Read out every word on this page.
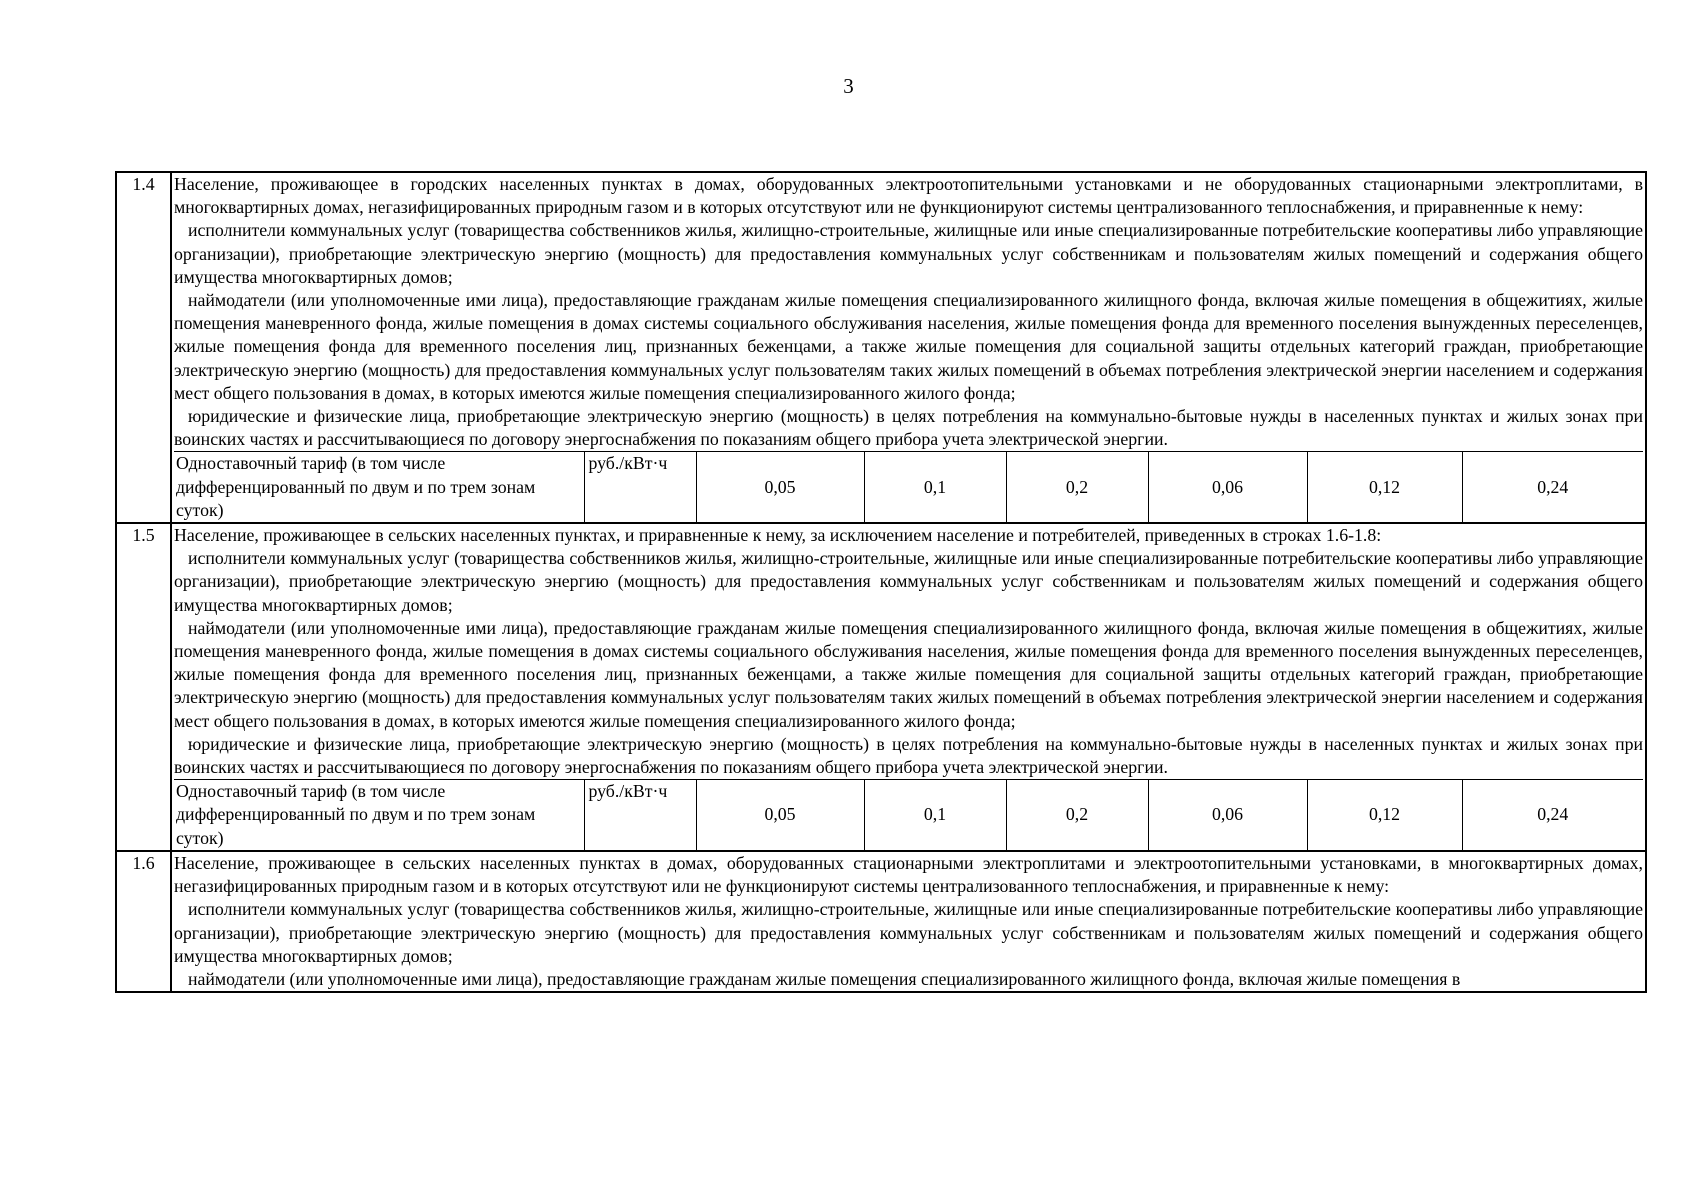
3
1.4	Население, проживающее в городских населенных пунктах в домах, оборудованных электроотопительными установками и не оборудованных стационарными электроплитами, в многоквартирных домах, негазифицированных природным газом и в которых отсутствуют или не функционируют системы централизованного теплоснабжения, и приравненные к нему:

исполнители коммунальных услуг (товарищества собственников жилья, жилищно-строительные, жилищные или иные специализированные потребительские кооперативы либо управляющие организации), приобретающие электрическую энергию (мощность) для предоставления коммунальных услуг собственникам и пользователям жилых помещений и содержания общего имущества многоквартирных домов;

наймодатели (или уполномоченные ими лица), предоставляющие гражданам жилые помещения специализированного жилищного фонда, включая жилые помещения в общежитиях, жилые помещения маневренного фонда, жилые помещения в домах системы социального обслуживания населения, жилые помещения фонда для временного поселения вынужденных переселенцев, жилые помещения фонда для временного поселения лиц, признанных беженцами, а также жилые помещения для социальной защиты отдельных категорий граждан, приобретающие электрическую энергию (мощность) для предоставления коммунальных услуг пользователям таких жилых помещений в объемах потребления электрической энергии населением и содержания мест общего пользования в домах, в которых имеются жилые помещения специализированного жилого фонда;

юридические и физические лица, приобретающие электрическую энергию (мощность) в целях потребления на коммунально-бытовые нужды в населенных пунктах и жилых зонах при воинских частях и рассчитывающиеся по договору энергоснабжения по показаниям общего прибора учета электрической энергии.

Одноставочный тариф (в том числе дифференцированный по двум и по трем зонам суток)	руб./кВт·ч	0,05	0,1	0,2	0,06	0,12	0,24

1.5	Население, проживающее в сельских населенных пунктах, и приравненные к нему, за исключением население и потребителей, приведенных в строках 1.6-1.8:

исполнители коммунальных услуг (товарищества собственников жилья, жилищно-строительные, жилищные или иные специализированные потребительские кооперативы либо управляющие организации), приобретающие электрическую энергию (мощность) для предоставления коммунальных услуг собственникам и пользователям жилых помещений и содержания общего имущества многоквартирных домов;

наймодатели (или уполномоченные ими лица), предоставляющие гражданам жилые помещения специализированного жилищного фонда, включая жилые помещения в общежитиях, жилые помещения маневренного фонда, жилые помещения в домах системы социального обслуживания населения, жилые помещения фонда для временного поселения вынужденных переселенцев, жилые помещения фонда для временного поселения лиц, признанных беженцами, а также жилые помещения для социальной защиты отдельных категорий граждан, приобретающие электрическую энергию (мощность) для предоставления коммунальных услуг пользователям таких жилых помещений в объемах потребления электрической энергии населением и содержания мест общего пользования в домах, в которых имеются жилые помещения специализированного жилого фонда;

юридические и физические лица, приобретающие электрическую энергию (мощность) в целях потребления на коммунально-бытовые нужды в населенных пунктах и жилых зонах при воинских частях и рассчитывающиеся по договору энергоснабжения по показаниям общего прибора учета электрической энергии.

Одноставочный тариф (в том числе дифференцированный по двум и по трем зонам суток)	руб./кВт·ч	0,05	0,1	0,2	0,06	0,12	0,24

1.6	Население, проживающее в сельских населенных пунктах в домах, оборудованных стационарными электроплитами и электроотопительными установками, в многоквартирных домах, негазифицированных природным газом и в которых отсутствуют или не функционируют системы централизованного теплоснабжения, и приравненные к нему:

исполнители коммунальных услуг (товарищества собственников жилья, жилищно-строительные, жилищные или иные специализированные потребительские кооперативы либо управляющие организации), приобретающие электрическую энергию (мощность) для предоставления коммунальных услуг собственникам и пользователям жилых помещений и содержания общего имущества многоквартирных домов;

наймодатели (или уполномоченные ими лица), предоставляющие гражданам жилые помещения специализированного жилищного фонда, включая жилые помещения в
